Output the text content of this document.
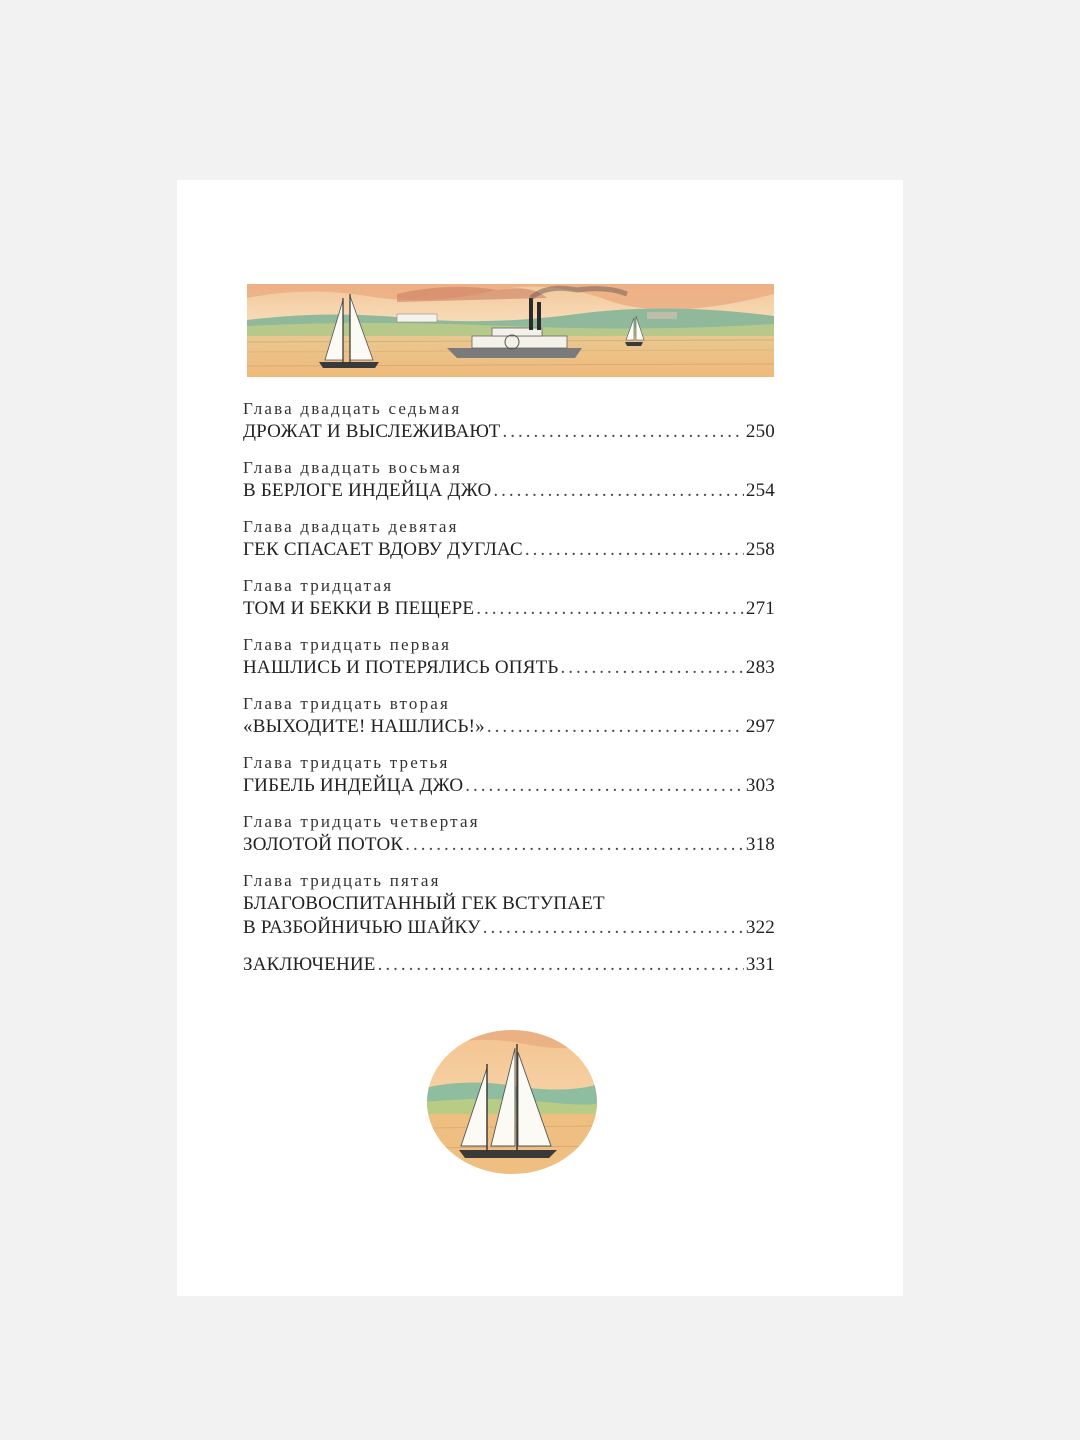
Глава двадцать седьмая
ДРОЖАТ И ВЫСЛЕЖИВАЮТ .....	250
Глава двадцать восьмая
В БЕРЛОГЕ ИНДЕЙЦА ДЖО .....	254
Глава двадцать девятая
ГЕК СПАСАЕТ ВДОВУ ДУГЛАС .....	258
Глава тридцатая
ТОМ И БЕККИ В ПЕЩЕРЕ .....	271
Глава тридцать первая
НАШЛИСЬ И ПОТЕРЯЛИСЬ ОПЯТЬ .....	283
Глава тридцать вторая
«ВЫХОДИТЕ! НАШЛИСЬ!» .....	297
Глава тридцать третья
ГИБЕЛЬ ИНДЕЙЦА ДЖО .....	303
Глава тридцать четвертая
ЗОЛОТОЙ ПОТОК .....	318
Глава тридцать пятая
БЛАГОВОСПИТАННЫЙ ГЕК ВСТУПАЕТ
В РАЗБОЙНИЧЬЮ ШАЙКУ .....	322
ЗАКЛЮЧЕНИЕ .....	331
